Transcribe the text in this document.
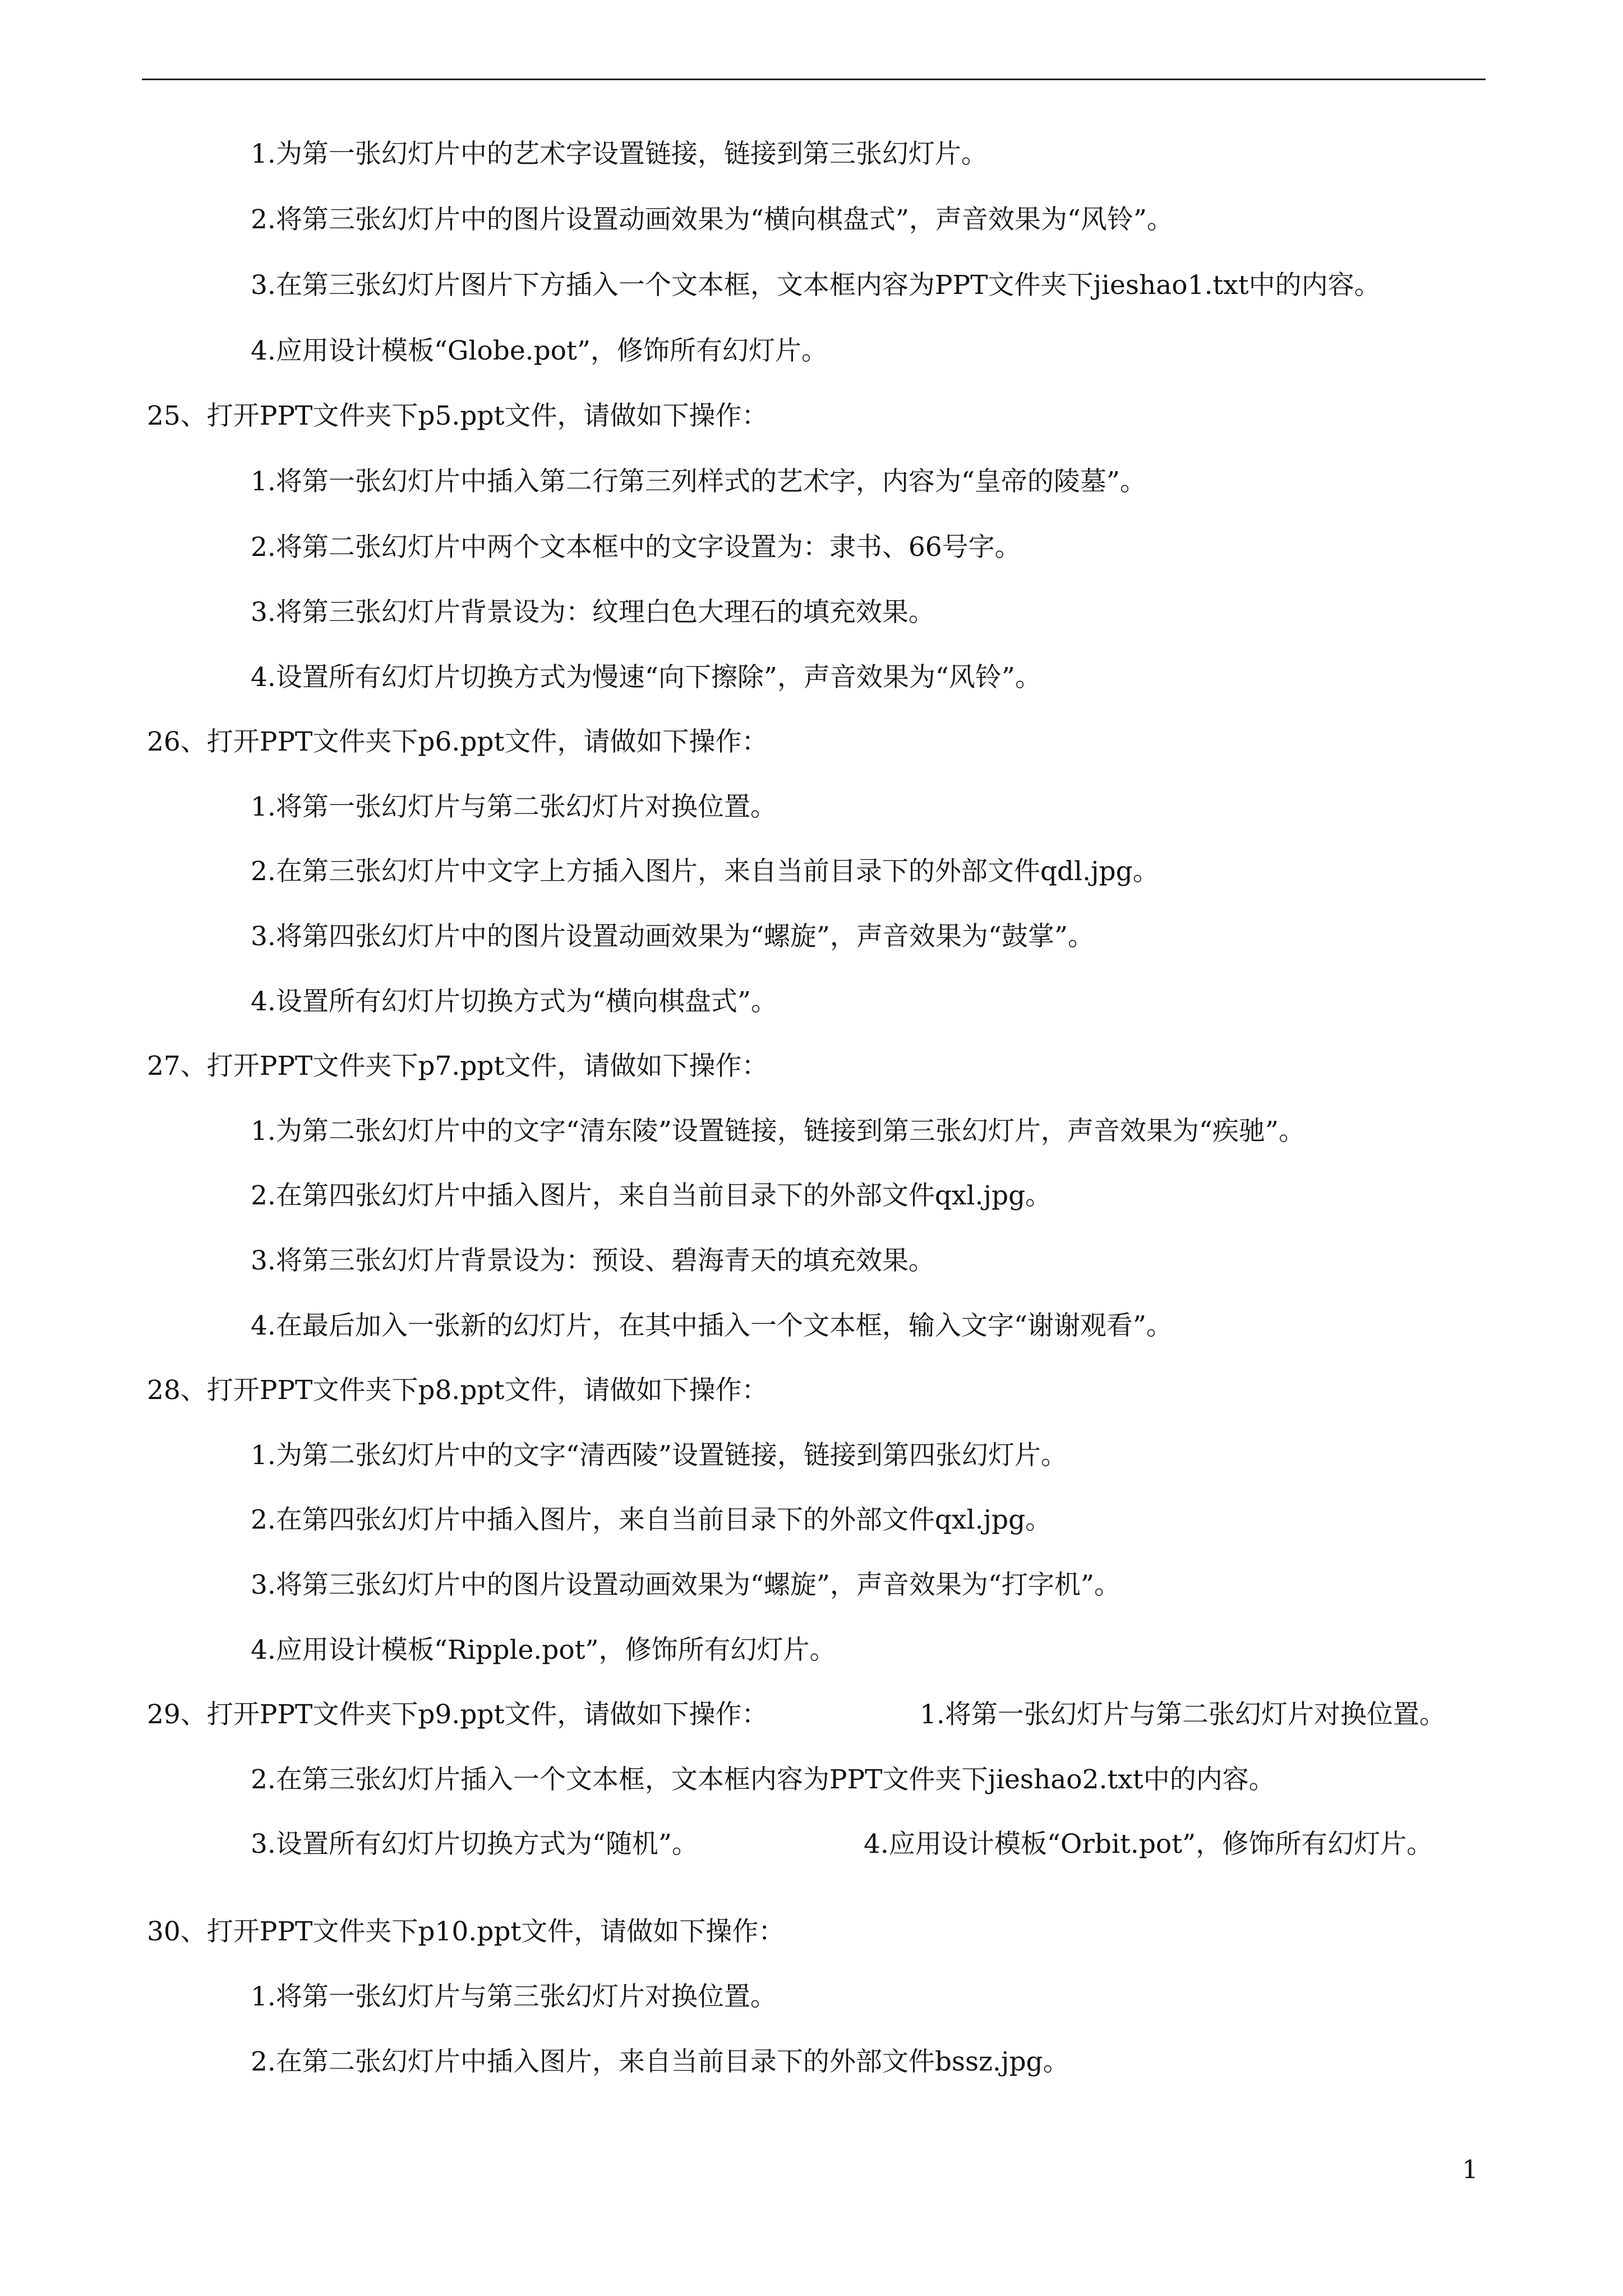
1.为第一张幻灯片中的艺术字设置链接，链接到第三张幻灯片。
2.将第三张幻灯片中的图片设置动画效果为“横向棋盘式”，声音效果为“风铃”。
3.在第三张幻灯片图片下方插入一个文本框，文本框内容为PPT文件夹下jieshao1.txt中的内容。
4.应用设计模板“Globe.pot”，修饰所有幻灯片。
25、打开PPT文件夹下p5.ppt文件，请做如下操作：
1.将第一张幻灯片中插入第二行第三列样式的艺术字，内容为“皇帝的陵墓”。
2.将第二张幻灯片中两个文本框中的文字设置为：隶书、66号字。
3.将第三张幻灯片背景设为：纹理白色大理石的填充效果。
4.设置所有幻灯片切换方式为慢速“向下擦除”，声音效果为“风铃”。
26、打开PPT文件夹下p6.ppt文件，请做如下操作：
1.将第一张幻灯片与第二张幻灯片对换位置。
2.在第三张幻灯片中文字上方插入图片，来自当前目录下的外部文件qdl.jpg。
3.将第四张幻灯片中的图片设置动画效果为“螺旋”，声音效果为“鼓掌”。
4.设置所有幻灯片切换方式为“横向棋盘式”。
27、打开PPT文件夹下p7.ppt文件，请做如下操作：
1.为第二张幻灯片中的文字“清东陵”设置链接，链接到第三张幻灯片，声音效果为“疾驰”。
2.在第四张幻灯片中插入图片，来自当前目录下的外部文件qxl.jpg。
3.将第三张幻灯片背景设为：预设、碧海青天的填充效果。
4.在最后加入一张新的幻灯片，在其中插入一个文本框，输入文字“谢谢观看”。
28、打开PPT文件夹下p8.ppt文件，请做如下操作：
1.为第二张幻灯片中的文字“清西陵”设置链接，链接到第四张幻灯片。
2.在第四张幻灯片中插入图片，来自当前目录下的外部文件qxl.jpg。
3.将第三张幻灯片中的图片设置动画效果为“螺旋”，声音效果为“打字机”。
4.应用设计模板“Ripple.pot”，修饰所有幻灯片。
29、打开PPT文件夹下p9.ppt文件，请做如下操作：	1.将第一张幻灯片与第二张幻灯片对换位置。
2.在第三张幻灯片插入一个文本框，文本框内容为PPT文件夹下jieshao2.txt中的内容。
3.设置所有幻灯片切换方式为“随机”。	4.应用设计模板“Orbit.pot”，修饰所有幻灯片。
30、打开PPT文件夹下p10.ppt文件，请做如下操作：
1.将第一张幻灯片与第三张幻灯片对换位置。
2.在第二张幻灯片中插入图片，来自当前目录下的外部文件bssz.jpg。
1
